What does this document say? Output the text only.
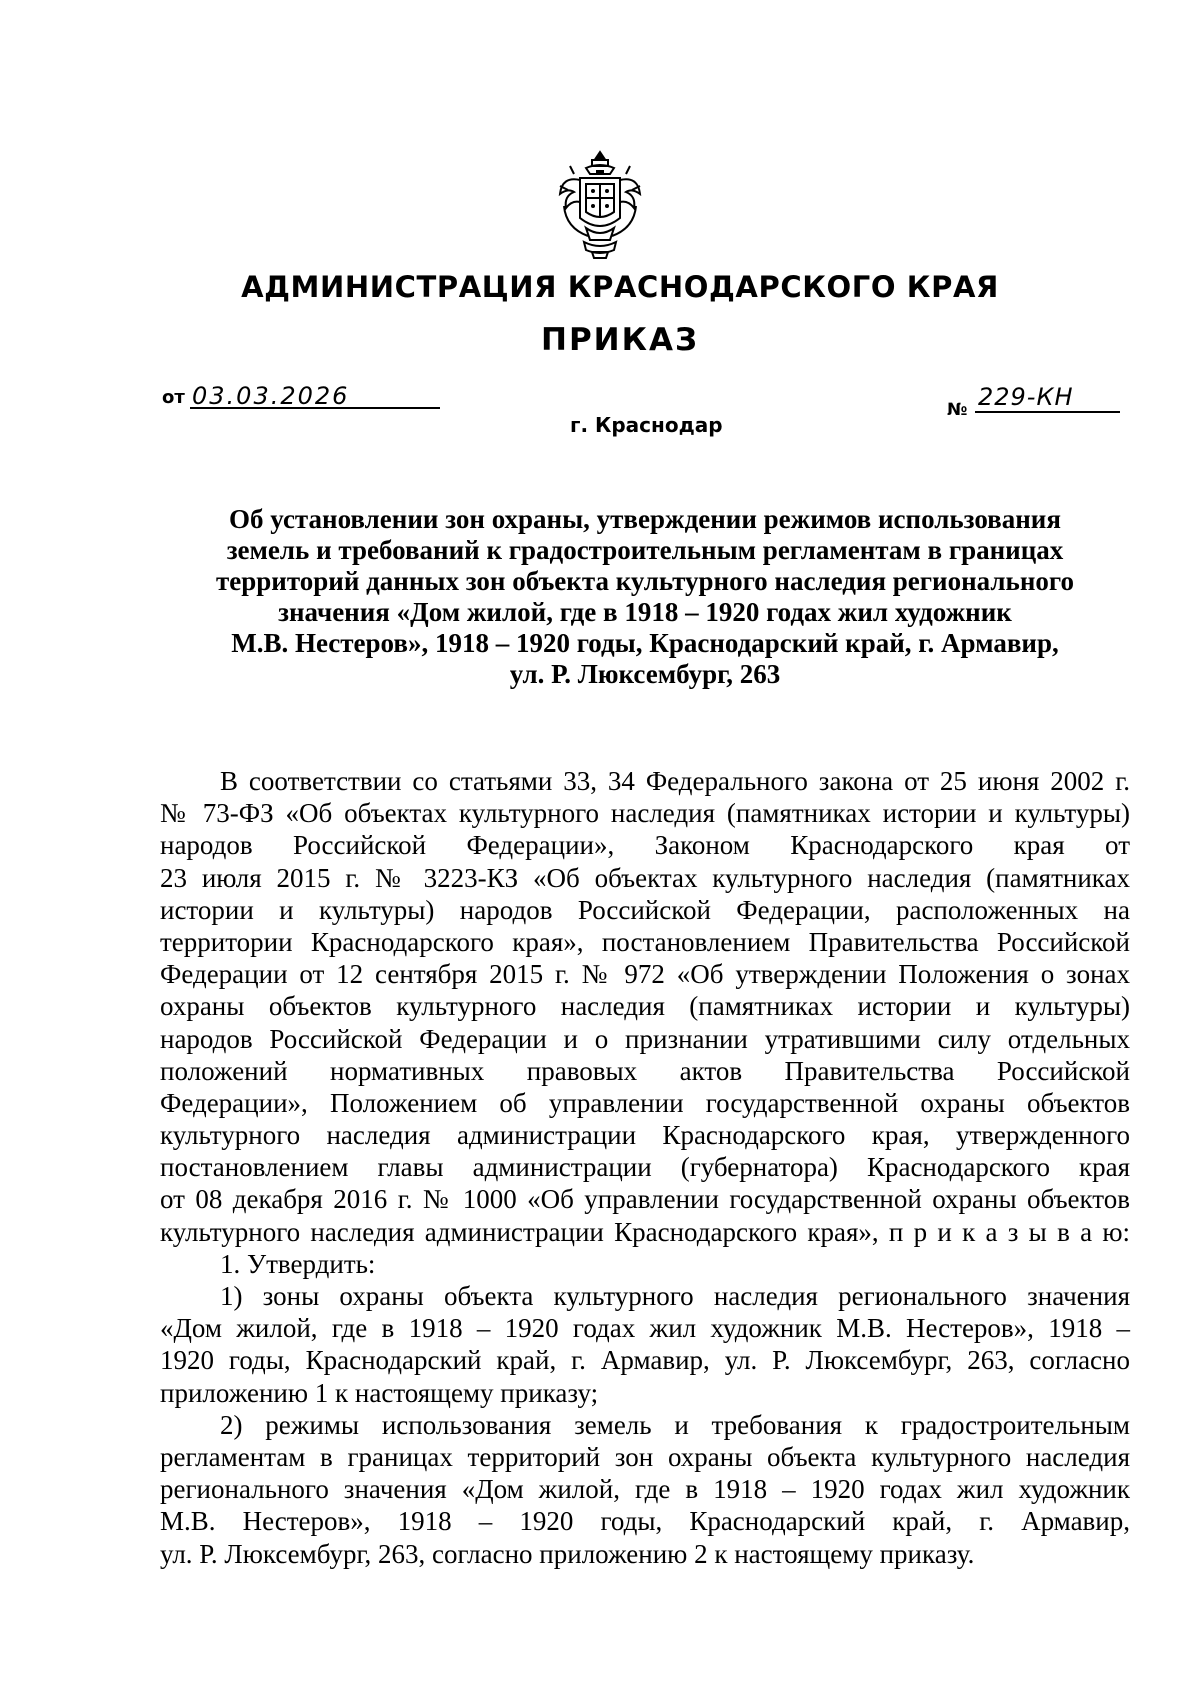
АДМИНИСТРАЦИЯ КРАСНОДАРСКОГО КРАЯ
ПРИКАЗ
от 03.03.2026
г. Краснодар
№ 229-КН
Об установлении зон охраны, утверждении режимов использования
земель и требований к градостроительным регламентам в границах
территорий данных зон объекта культурного наследия регионального
значения «Дом жилой, где в 1918 – 1920 годах жил художник
М.В. Нестеров», 1918 – 1920 годы, Краснодарский край, г. Армавир,
ул. Р. Люксембург, 263
В соответствии со статьями 33, 34 Федерального закона от 25 июня 2002 г.
№ 73-ФЗ «Об объектах культурного наследия (памятниках истории и культуры)
народов Российской Федерации», Законом Краснодарского края от
23 июля 2015 г. № 3223-КЗ «Об объектах культурного наследия (памятниках
истории и культуры) народов Российской Федерации, расположенных на
территории Краснодарского края», постановлением Правительства Российской
Федерации от 12 сентября 2015 г. № 972 «Об утверждении Положения о зонах
охраны объектов культурного наследия (памятниках истории и культуры)
народов Российской Федерации и о признании утратившими силу отдельных
положений нормативных правовых актов Правительства Российской
Федерации», Положением об управлении государственной охраны объектов
культурного наследия администрации Краснодарского края, утвержденного
постановлением главы администрации (губернатора) Краснодарского края
от 08 декабря 2016 г. № 1000 «Об управлении государственной охраны объектов
культурного наследия администрации Краснодарского края», п р и к а з ы в а ю:
1. Утвердить:
1) зоны охраны объекта культурного наследия регионального значения
«Дом жилой, где в 1918 – 1920 годах жил художник М.В. Нестеров», 1918 –
1920 годы, Краснодарский край, г. Армавир, ул. Р. Люксембург, 263, согласно
приложению 1 к настоящему приказу;
2) режимы использования земель и требования к градостроительным
регламентам в границах территорий зон охраны объекта культурного наследия
регионального значения «Дом жилой, где в 1918 – 1920 годах жил художник
М.В. Нестеров», 1918 – 1920 годы, Краснодарский край, г. Армавир,
ул. Р. Люксембург, 263, согласно приложению 2 к настоящему приказу.
